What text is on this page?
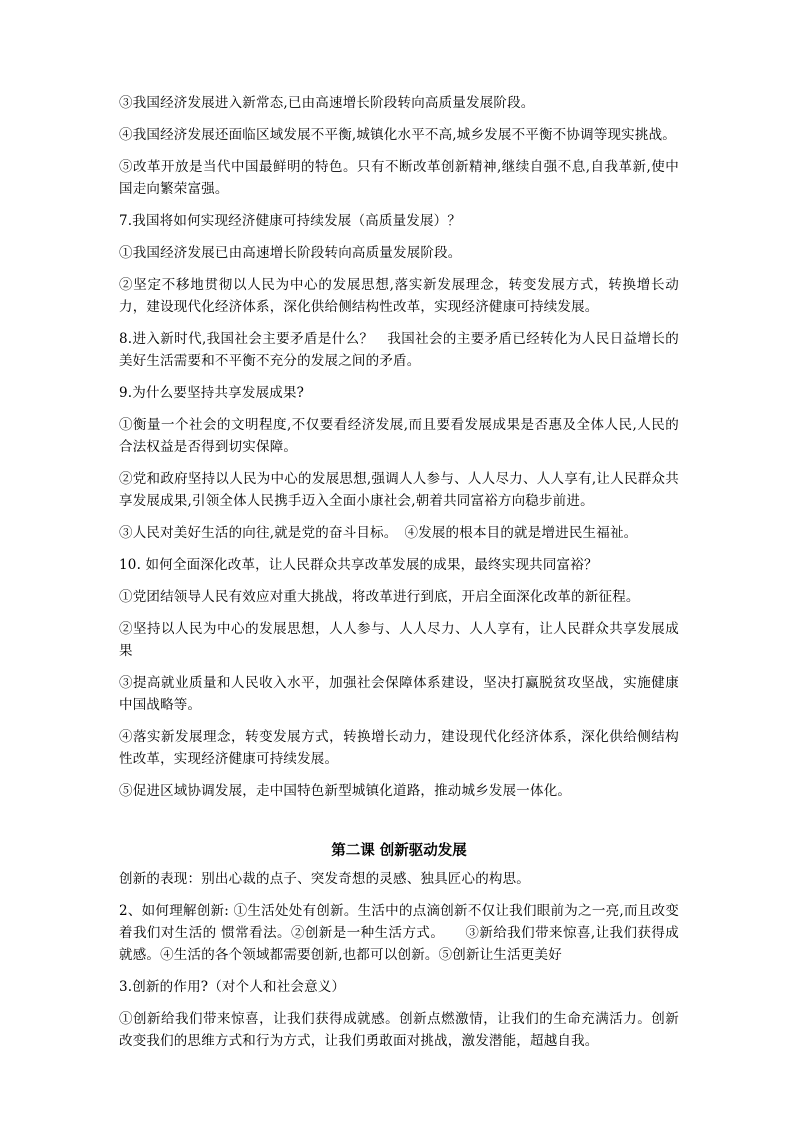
③我国经济发展进入新常态,已由高速增长阶段转向高质量发展阶段。

④我国经济发展还面临区域发展不平衡,城镇化水平不高,城乡发展不平衡不协调等现实挑战。

⑤改革开放是当代中国最鲜明的特色。只有不断改革创新精神,继续自强不息,自我革新,使中国走向繁荣富强。

7.我国将如何实现经济健康可持续发展（高质量发展）？

①我国经济发展已由高速增长阶段转向高质量发展阶段。

②坚定不移地贯彻以人民为中心的发展思想,落实新发展理念，转变发展方式，转换增长动力，建设现代化经济体系，深化供给侧结构性改革，实现经济健康可持续发展。

8.进入新时代,我国社会主要矛盾是什么？　我国社会的主要矛盾已经转化为人民日益增长的美好生活需要和不平衡不充分的发展之间的矛盾。

9.为什么要坚持共享发展成果?

①衡量一个社会的文明程度,不仅要看经济发展,而且要看发展成果是否惠及全体人民,人民的合法权益是否得到切实保障。

②党和政府坚持以人民为中心的发展思想,强调人人参与、人人尽力、人人享有,让人民群众共享发展成果,引领全体人民携手迈入全面小康社会,朝着共同富裕方向稳步前进。

③人民对美好生活的向往,就是党的奋斗目标。　④发展的根本目的就是增进民生福祉。

10. 如何全面深化改革，让人民群众共享改革发展的成果，最终实现共同富裕？

①党团结领导人民有效应对重大挑战，将改革进行到底，开启全面深化改革的新征程。

②坚持以人民为中心的发展思想，人人参与、人人尽力、人人享有，让人民群众共享发展成果

③提高就业质量和人民收入水平，加强社会保障体系建设，坚决打赢脱贫攻坚战，实施健康中国战略等。

④落实新发展理念，转变发展方式，转换增长动力，建设现代化经济体系，深化供给侧结构性改革，实现经济健康可持续发展。

⑤促进区域协调发展，走中国特色新型城镇化道路，推动城乡发展一体化。

第二课 创新驱动发展

创新的表现：别出心裁的点子、突发奇想的灵感、独具匠心的构思。

2、如何理解创新: ①生活处处有创新。生活中的点滴创新不仅让我们眼前为之一亮,而且改变着我们对生活的 惯常看法。②创新是一种生活方式。　　③新给我们带来惊喜,让我们获得成就感。④生活的各个领域都需要创新,也都可以创新。⑤创新让生活更美好

3.创新的作用?（对个人和社会意义）

①创新给我们带来惊喜，让我们获得成就感。创新点燃激情，让我们的生命充满活力。创新改变我们的思维方式和行为方式，让我们勇敢面对挑战，激发潜能，超越自我。
